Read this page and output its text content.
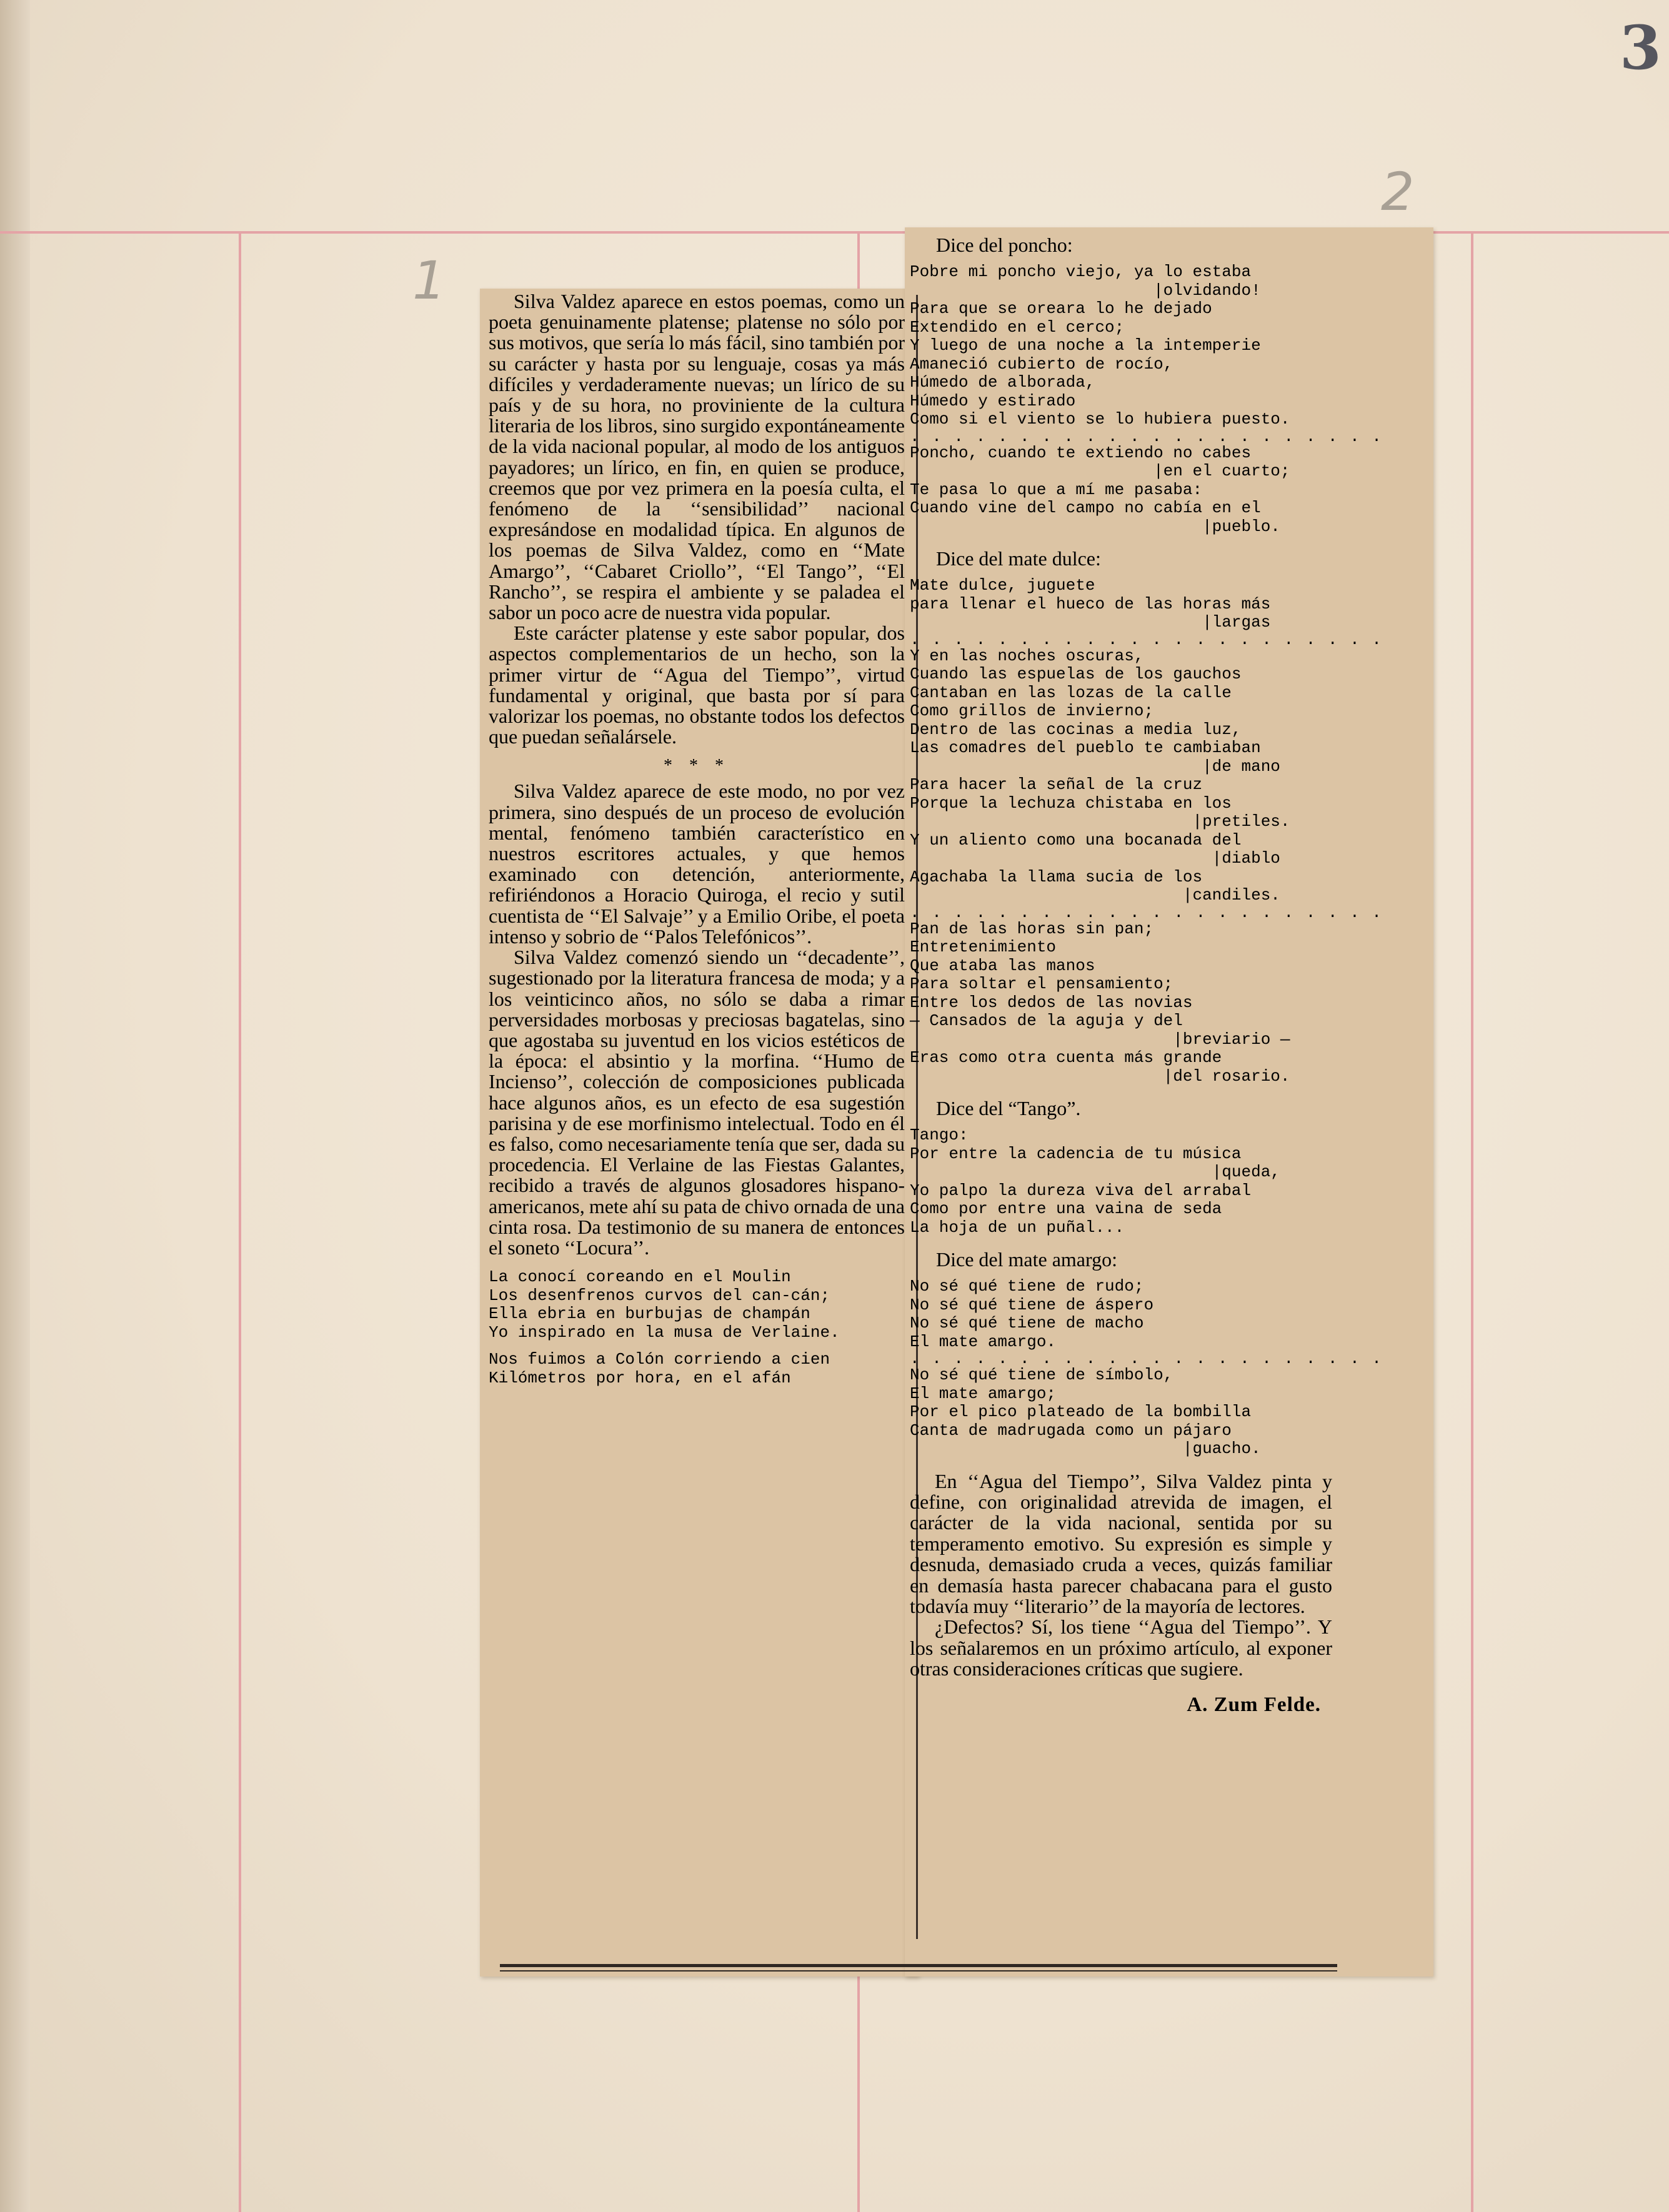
3
1
2

Silva Valdez aparece en estos poemas, como un poeta genuinamente platense; platense no sólo por sus motivos, que sería lo más fácil, sino también por su carácter y hasta por su lenguaje, cosas ya más difíciles y verdaderamente nuevas; un lírico de su país y de su hora, no proviniente de la cultura literaria de los libros, sino surgido expontáneamente de la vida nacional popular, al modo de los antiguos payadores; un lírico, en fin, en quien se produce, creemos que por vez primera en la poesía culta, el fenómeno de la ‘‘sensibilidad’’ nacional expresándose en modalidad típica. En algunos de los poemas de Silva Valdez, como en ‘‘Mate Amargo’’, ‘‘Cabaret Criollo’’, ‘‘El Tango’’, ‘‘El Rancho’’, se respira el ambiente y se paladea el sabor un poco acre de nuestra vida popular.

Este carácter platense y este sabor popular, dos aspectos complementarios de un hecho, son la primer virtur de ‘‘Agua del Tiempo’’, virtud fundamental y original, que basta por sí para valorizar los poemas, no obstante todos los defectos que puedan señalársele.

* * *

Silva Valdez aparece de este modo, no por vez primera, sino después de un proceso de evolución mental, fenómeno también característico en nuestros escritores actuales, y que hemos examinado con detención, anteriormente, refiriéndonos a Horacio Quiroga, el recio y sutil cuentista de ‘‘El Salvaje’’ y a Emilio Oribe, el poeta intenso y sobrio de ‘‘Palos Telefónicos’’.

Silva Valdez comenzó siendo un ‘‘decadente’’, sugestionado por la literatura francesa de moda; y a los veinticinco años, no sólo se daba a rimar perversidades morbosas y preciosas bagatelas, sino que agostaba su juventud en los vicios estéticos de la época: el absintio y la morfina. ‘‘Humo de Incienso’’, colección de composiciones publicada hace algunos años, es un efecto de esa sugestión parisina y de ese morfinismo intelectual. Todo en él es falso, como necesariamente tenía que ser, dada su procedencia. El Verlaine de las Fiestas Galantes, recibido a través de algunos glosadores hispano-americanos, mete ahí su pata de chivo ornada de una cinta rosa. Da testimonio de su manera de entonces el soneto ‘‘Locura’’.

La conocí coreando en el Moulin
Los desenfrenos curvos del can-cán;
Ella ebria en burbujas de champán
Yo inspirado en la musa de Verlaine.
Nos fuimos a Colón corriendo a cien
Kilómetros por hora, en el afán
Dice del poncho:
Pobre mi poncho viejo, ya lo estaba
|olvidando!
Para que se oreara lo he dejado
Extendido en el cerco;
Y luego de una noche a la intemperie
Amaneció cubierto de rocío,
Húmedo de alborada,
Húmedo y estirado
Como si el viento se lo hubiera puesto.
. . . . . . . . . . . . . . . . . . . . . .
Poncho, cuando te extiendo no cabes
|en el cuarto;
Te pasa lo que a mí me pasaba:
Cuando vine del campo no cabía en el
|pueblo.
Dice del mate dulce:
Mate dulce, juguete
para llenar el hueco de las horas más
|largas
. . . . . . . . . . . . . . . . . . . . . .
Y en las noches oscuras,
Cuando las espuelas de los gauchos
Cantaban en las lozas de la calle
Como grillos de invierno;
Dentro de las cocinas a media luz,
Las comadres del pueblo te cambiaban
|de mano
Para hacer la señal de la cruz
Porque la lechuza chistaba en los
|pretiles.
Y un aliento como una bocanada del
|diablo
Agachaba la llama sucia de los
|candiles.
. . . . . . . . . . . . . . . . . . . . . .
Pan de las horas sin pan;
Entretenimiento
Que ataba las manos
Para soltar el pensamiento;
Entre los dedos de las novias
— Cansados de la aguja y del
|breviario —
Eras como otra cuenta más grande
|del rosario.
Dice del “Tango”.
Tango:
Por entre la cadencia de tu música
|queda,
Yo palpo la dureza viva del arrabal
Como por entre una vaina de seda
La hoja de un puñal...
Dice del mate amargo:
No sé qué tiene de rudo;
No sé qué tiene de áspero
No sé qué tiene de macho
El mate amargo.
. . . . . . . . . . . . . . . . . . . . . .
No sé qué tiene de símbolo,
El mate amargo;
Por el pico plateado de la bombilla
Canta de madrugada como un pájaro
|guacho.

En ‘‘Agua del Tiempo’’, Silva Valdez pinta y define, con originalidad atrevida de imagen, el carácter de la vida nacional, sentida por su temperamento emotivo. Su expresión es simple y desnuda, demasiado cruda a veces, quizás familiar en demasía hasta parecer chabacana para el gusto todavía muy ‘‘literario’’ de la mayoría de lectores.

¿Defectos? Sí, los tiene ‘‘Agua del Tiempo’’. Y los señalaremos en un próximo artículo, al exponer otras consideraciones críticas que sugiere.

A. Zum Felde.
